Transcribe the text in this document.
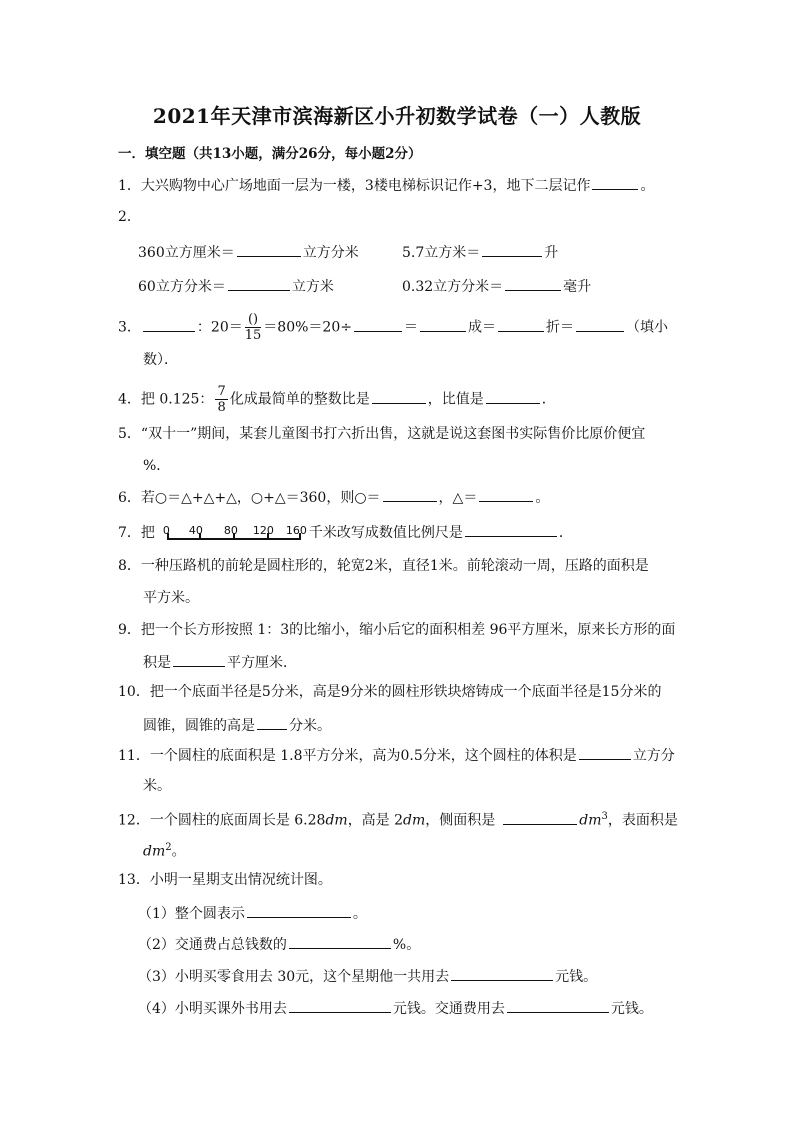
2021年天津市滨海新区小升初数学试卷（一）人教版
一．填空题（共13小题，满分26分，每小题2分）
1．大兴购物中心广场地面一层为一楼，3楼电梯标识记作+3，地下二层记作	。
2．
360立方厘米＝	立方分米	5.7立方米＝	升
60立方分米＝	立方米	0.32立方分米＝	毫升
3．	：$20= \frac{()}{15} =80\%=20\div$	＝	成＝	折＝	（填小
数）．
4．把 0.125： $\frac{7}{8}$ 化成最简单的整数比是	，比值是	．
5．“双十一”期间，某套儿童图书打六折出售，这就是说这套图书实际售价比原价便宜
%．
6．若○＝△+△+△，○+△＝360，则○＝	，△＝	。
7．把 0 40 80 120 160 千米改写成数值比例尺是	．
8．一种压路机的前轮是圆柱形的，轮宽2米，直径1米。前轮滚动一周，压路的面积是
平方米。
9．把一个长方形按照 1：3的比缩小，缩小后它的面积相差 96平方厘米，原来长方形的面
积是	平方厘米．
10．把一个底面半径是5分米，高是9分米的圆柱形铁块熔铸成一个底面半径是15分米的
圆锥，圆锥的高是 分米。
11．一个圆柱的底面积是 1.8平方分米，高为0.5分米，这个圆柱的体积是	立方分
米。
12．一个圆柱的底面周长是 6.28dm，高是 2dm，侧面积是	$dm^3$，表面积是
$dm^2$。
13．小明一星期支出情况统计图。
（1）整个圆表示	。
（2）交通费占总钱数的	%。
（3）小明买零食用去 30元，这个星期他一共用去	元钱。
（4）小明买课外书用去	元钱。交通费用去	元钱。
